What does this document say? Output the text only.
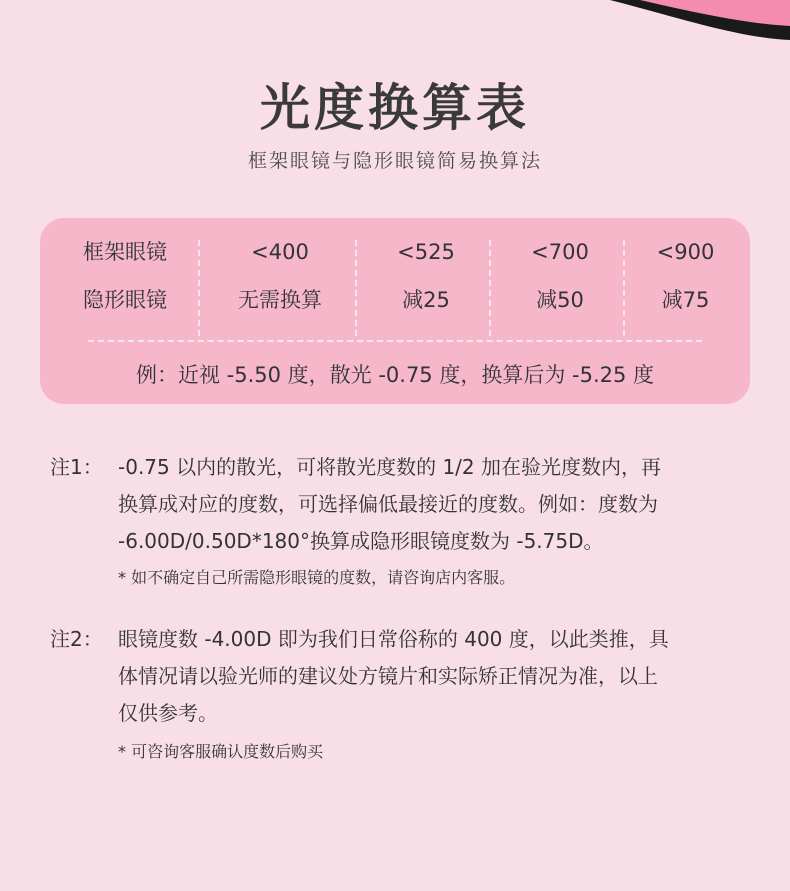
光度换算表
框架眼镜与隐形眼镜简易换算法
框架眼镜	<400	<525	<700	<900
隐形眼镜	无需换算	减25	减50	减75
例：近视 -5.50 度，散光 -0.75 度，换算后为 -5.25 度
注1： -0.75 以内的散光，可将散光度数的 1/2 加在验光度数内，再
换算成对应的度数，可选择偏低最接近的度数。例如：度数为
-6.00D/0.50D*180°换算成隐形眼镜度数为 -5.75D。
* 如不确定自己所需隐形眼镜的度数，请咨询店内客服。
注2： 眼镜度数 -4.00D 即为我们日常俗称的 400 度，以此类推，具
体情况请以验光师的建议处方镜片和实际矫正情况为准，以上
仅供参考。
* 可咨询客服确认度数后购买
